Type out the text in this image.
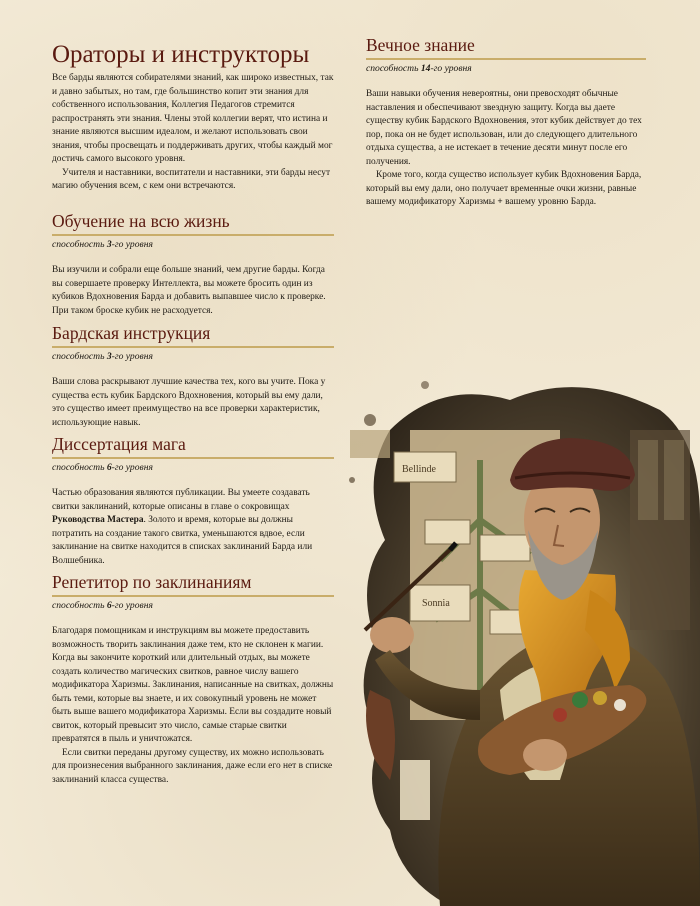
Ораторы и инструкторы

Все барды являются собирателями знаний, как широко известных, так и давно забытых, но там, где большинство копит эти знания для собственного использования, Коллегия Педагогов стремится распространять эти знания. Члены этой коллегии верят, что истина и знание являются высшим идеалом, и желают использовать свои знания, чтобы просвещать и поддерживать других, чтобы каждый мог достичь самого высокого уровня.

Учителя и наставники, воспитатели и наставники, эти барды несут магию обучения всем, с кем они встречаются.

Обучение на всю жизнь
способность 3-го уровня

Вы изучили и собрали еще больше знаний, чем другие барды. Когда вы совершаете проверку Интеллекта, вы можете бросить один из кубиков Вдохновения Барда и добавить выпавшее число к проверке. При таком броске кубик не расходуется.

Бардская инструкция
способность 3-го уровня

Ваши слова раскрывают лучшие качества тех, кого вы учите. Пока у существа есть кубик Бардского Вдохновения, который вы ему дали, это существо имеет преимущество на все проверки характеристик, использующие навык.

Диссертация мага
способность 6-го уровня

Частью образования являются публикации. Вы умеете создавать свитки заклинаний, которые описаны в главе о сокровищах Руководства Мастера. Золото и время, которые вы должны потратить на создание такого свитка, уменьшаются вдвое, если заклинание на свитке находится в списках заклинаний Барда или Волшебника.

Репетитор по заклинаниям
способность 6-го уровня

Благодаря помощникам и инструкциям вы можете предоставить возможность творить заклинания даже тем, кто не склонен к магии. Когда вы закончите короткий или длительный отдых, вы можете создать количество магических свитков, равное числу вашего модификатора Харизмы. Заклинания, написанные на свитках, должны быть теми, которые вы знаете, и их совокупный уровень не может быть выше вашего модификатора Харизмы. Если вы создадите новый свиток, который превысит это число, самые старые свитки превратятся в пыль и уничтожатся.

Если свитки переданы другому существу, их можно использовать для произнесения выбранного заклинания, даже если его нет в списке заклинаний класса существа.

Вечное знание
способность 14-го уровня

Ваши навыки обучения невероятны, они превосходят обычные наставления и обеспечивают звездную защиту. Когда вы даете существу кубик Бардского Вдохновения, этот кубик действует до тех пор, пока он не будет использован, или до следующего длительного отдыха существа, а не истекает в течение десяти минут после его получения.

Кроме того, когда существо использует кубик Вдохновения Барда, который вы ему дали, оно получает временные очки жизни, равные вашему модификатору Харизмы + вашему уровню Барда.

Bellinde
Sonnia
